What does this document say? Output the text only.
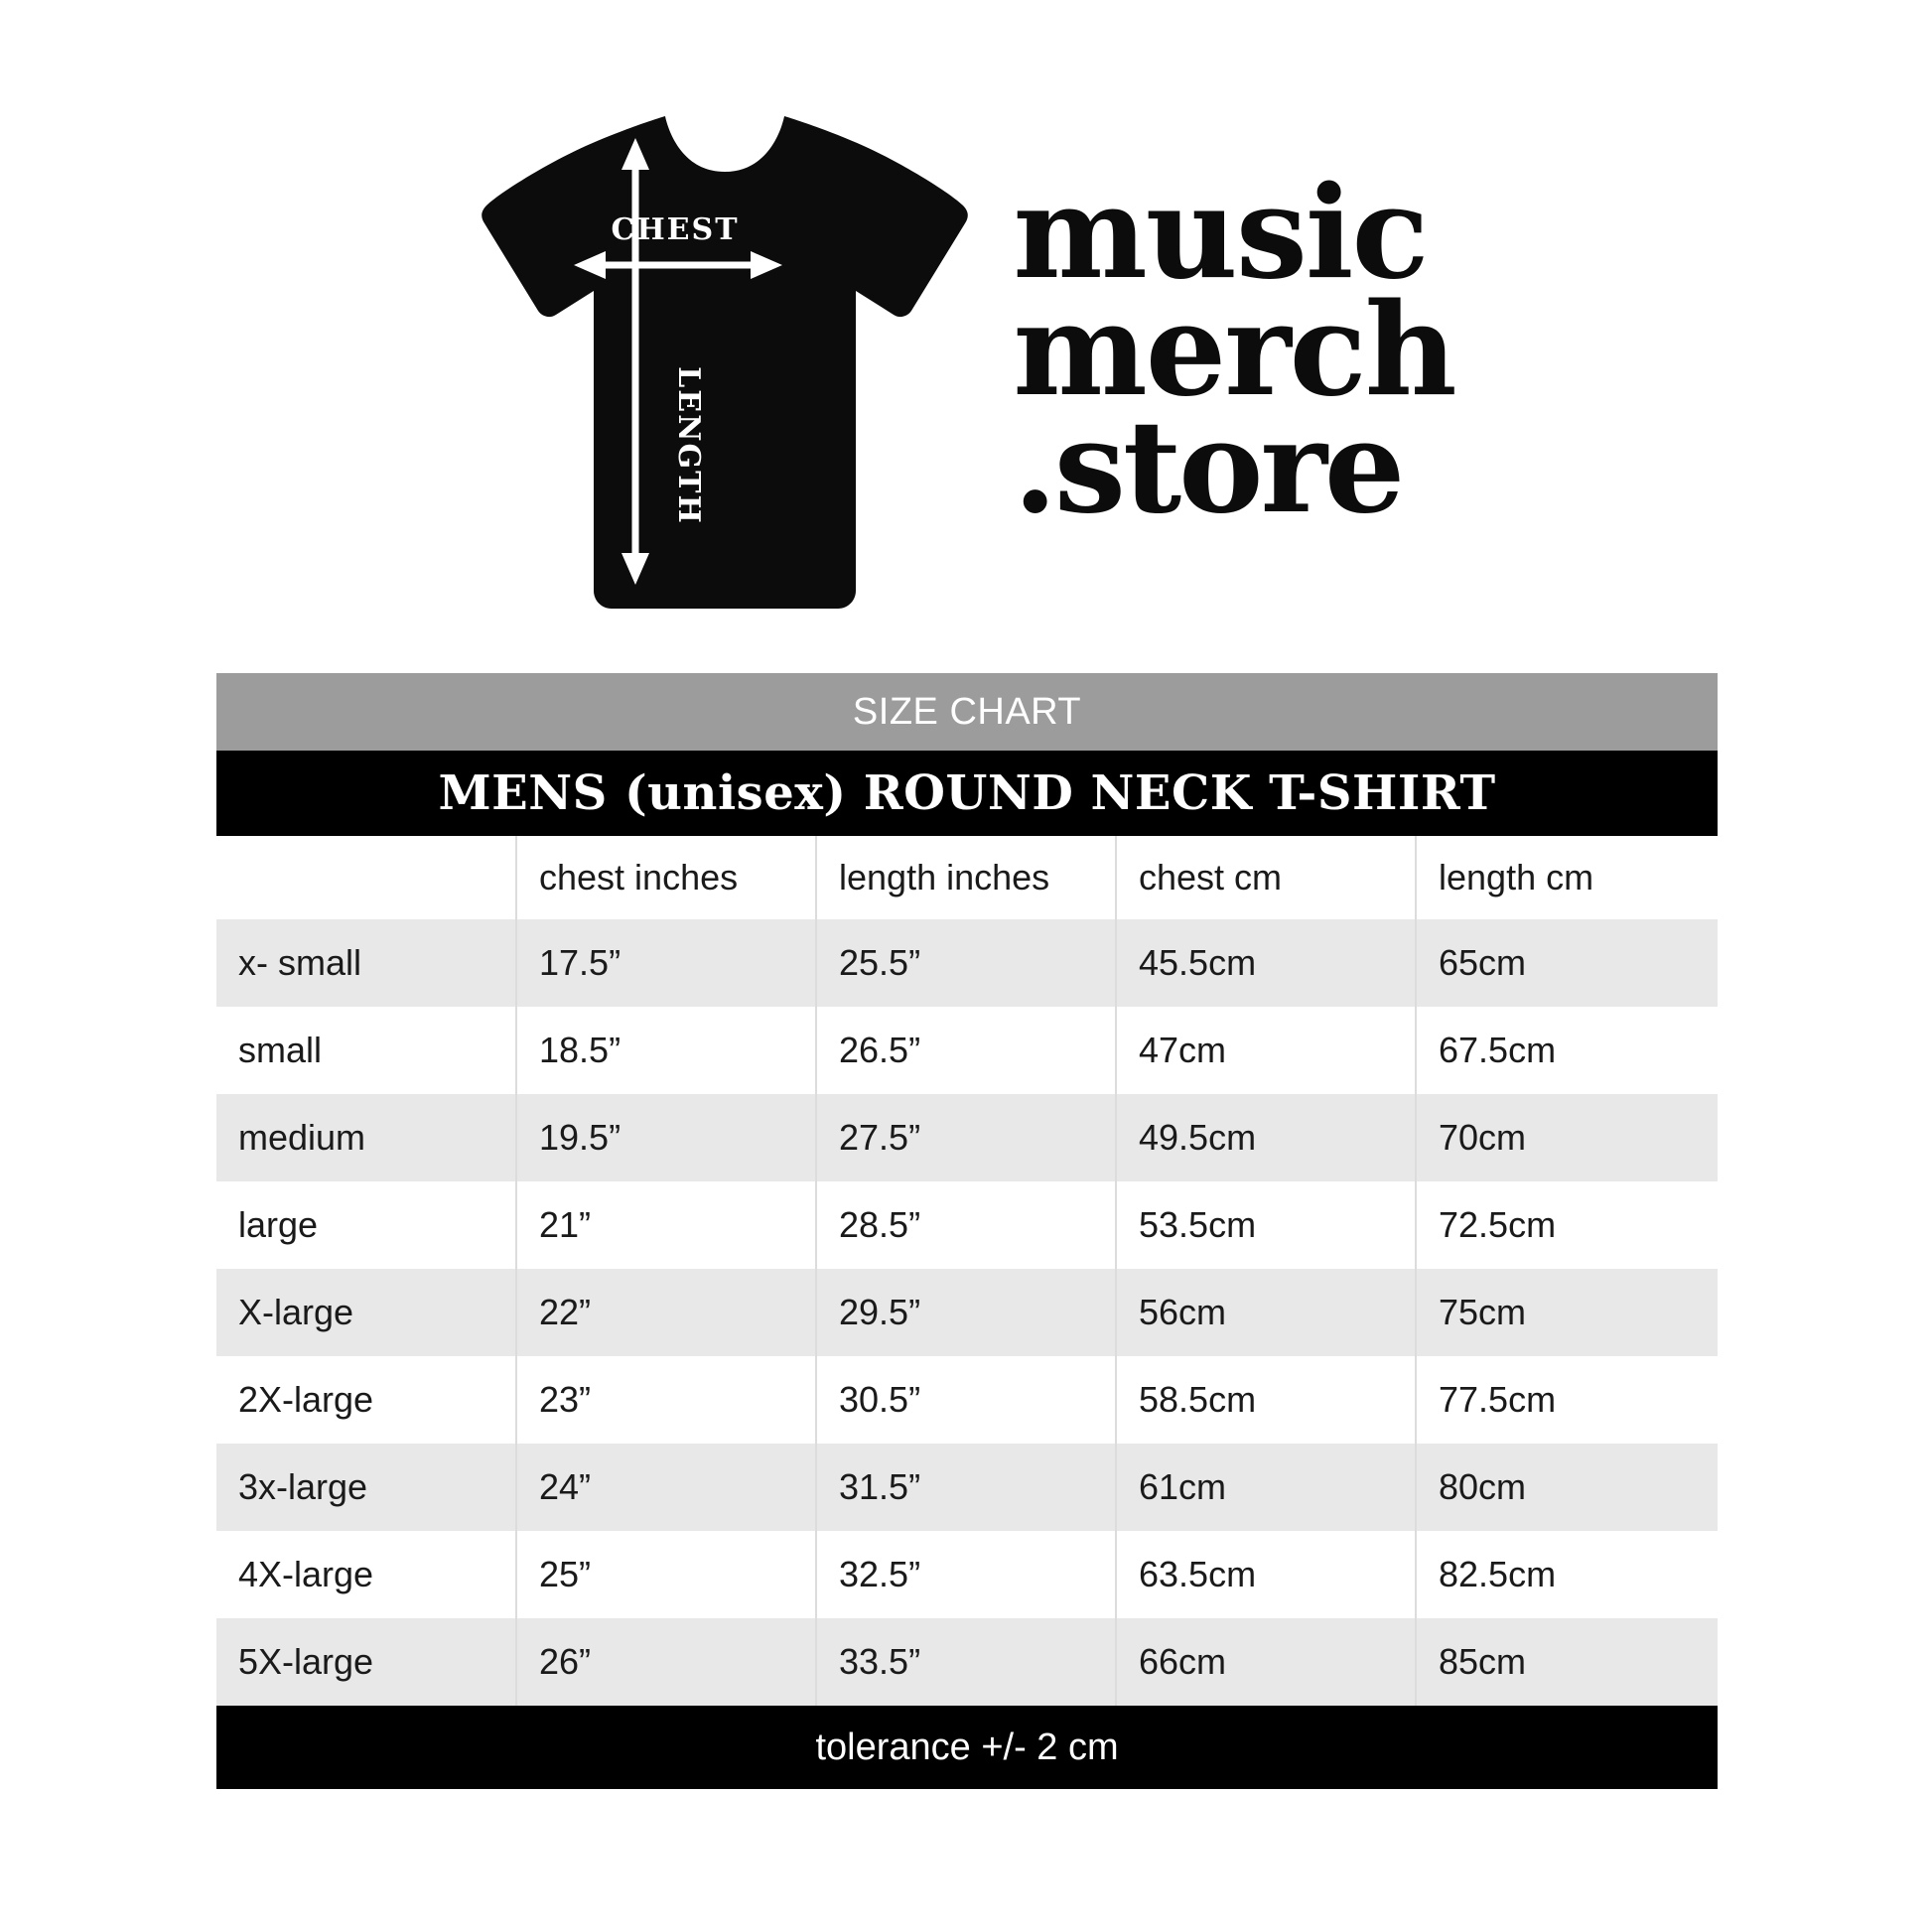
CHEST
LENGTH
music
merch
.store
SIZE CHART				
MENS (unisex) ROUND NECK T-SHIRT				
	chest inches	length inches	chest cm	length cm
x- small	17.5”	25.5”	45.5cm	65cm
small	18.5”	26.5”	47cm	67.5cm
medium	19.5”	27.5”	49.5cm	70cm
large	21”	28.5”	53.5cm	72.5cm
X-large	22”	29.5”	56cm	75cm
2X-large	23”	30.5”	58.5cm	77.5cm
3x-large	24”	31.5”	61cm	80cm
4X-large	25”	32.5”	63.5cm	82.5cm
5X-large	26”	33.5”	66cm	85cm
tolerance +/- 2 cm				
